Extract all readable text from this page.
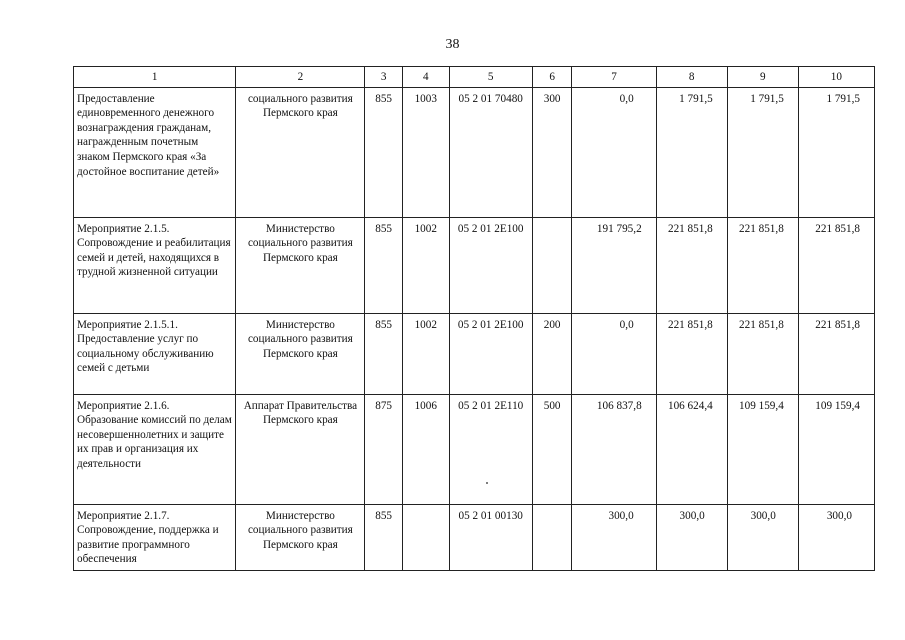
38
1	2	3	4	5	6	7	8	9	10
Предоставление единовременного денежного вознаграждения гражданам, награжденным почетным знаком Пермского края «За достойное воспитание детей»	социального развития Пермского края	855	1003	05 2 01 70480	300	0,0	1 791,5	1 791,5	1 791,5
Мероприятие 2.1.5. Сопровождение и реабилитация семей и детей, находящихся в трудной жизненной ситуации	Министерство социального развития Пермского края	855	1002	05 2 01 2Е100		191 795,2	221 851,8	221 851,8	221 851,8
Мероприятие 2.1.5.1. Предоставление услуг по социальному обслуживанию семей с детьми	Министерство социального развития Пермского края	855	1002	05 2 01 2Е100	200	0,0	221 851,8	221 851,8	221 851,8
Мероприятие 2.1.6. Образование комиссий по делам несовершеннолетних и защите их прав и организация их деятельности	Аппарат Правительства Пермского края	875	1006	05 2 01 2Е110	500	106 837,8	106 624,4	109 159,4	109 159,4
Мероприятие 2.1.7. Сопровождение, поддержка и развитие программного обеспечения	Министерство социального развития Пермского края	855		05 2 01 00130		300,0	300,0	300,0	300,0
